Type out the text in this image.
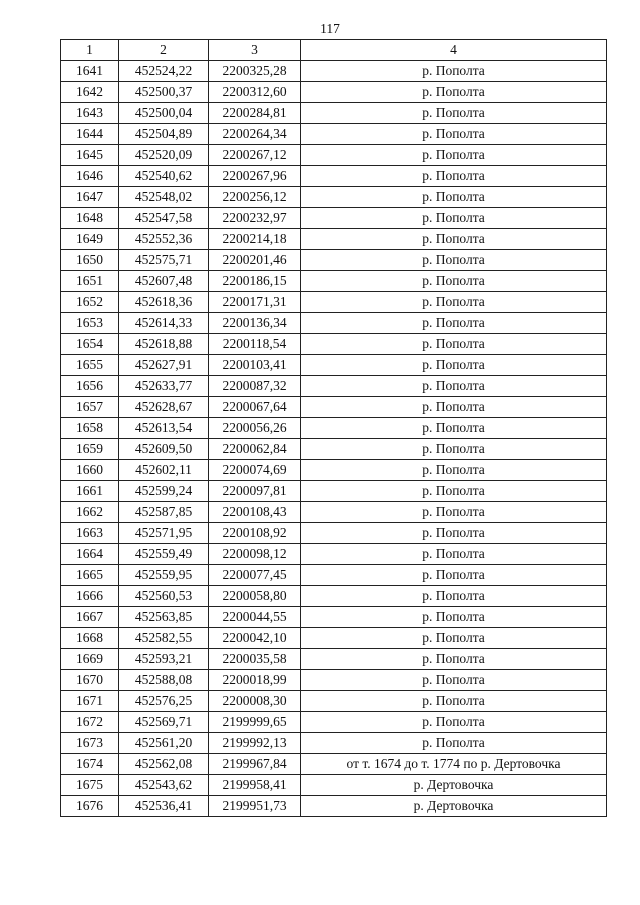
117
1	2	3	4
1641	452524,22	2200325,28	р. Пополта
1642	452500,37	2200312,60	р. Пополта
1643	452500,04	2200284,81	р. Пополта
1644	452504,89	2200264,34	р. Пополта
1645	452520,09	2200267,12	р. Пополта
1646	452540,62	2200267,96	р. Пополта
1647	452548,02	2200256,12	р. Пополта
1648	452547,58	2200232,97	р. Пополта
1649	452552,36	2200214,18	р. Пополта
1650	452575,71	2200201,46	р. Пополта
1651	452607,48	2200186,15	р. Пополта
1652	452618,36	2200171,31	р. Пополта
1653	452614,33	2200136,34	р. Пополта
1654	452618,88	2200118,54	р. Пополта
1655	452627,91	2200103,41	р. Пополта
1656	452633,77	2200087,32	р. Пополта
1657	452628,67	2200067,64	р. Пополта
1658	452613,54	2200056,26	р. Пополта
1659	452609,50	2200062,84	р. Пополта
1660	452602,11	2200074,69	р. Пополта
1661	452599,24	2200097,81	р. Пополта
1662	452587,85	2200108,43	р. Пополта
1663	452571,95	2200108,92	р. Пополта
1664	452559,49	2200098,12	р. Пополта
1665	452559,95	2200077,45	р. Пополта
1666	452560,53	2200058,80	р. Пополта
1667	452563,85	2200044,55	р. Пополта
1668	452582,55	2200042,10	р. Пополта
1669	452593,21	2200035,58	р. Пополта
1670	452588,08	2200018,99	р. Пополта
1671	452576,25	2200008,30	р. Пополта
1672	452569,71	2199999,65	р. Пополта
1673	452561,20	2199992,13	р. Пополта
1674	452562,08	2199967,84	от т. 1674 до т. 1774 по р. Дертовочка
1675	452543,62	2199958,41	р. Дертовочка
1676	452536,41	2199951,73	р. Дертовочка
